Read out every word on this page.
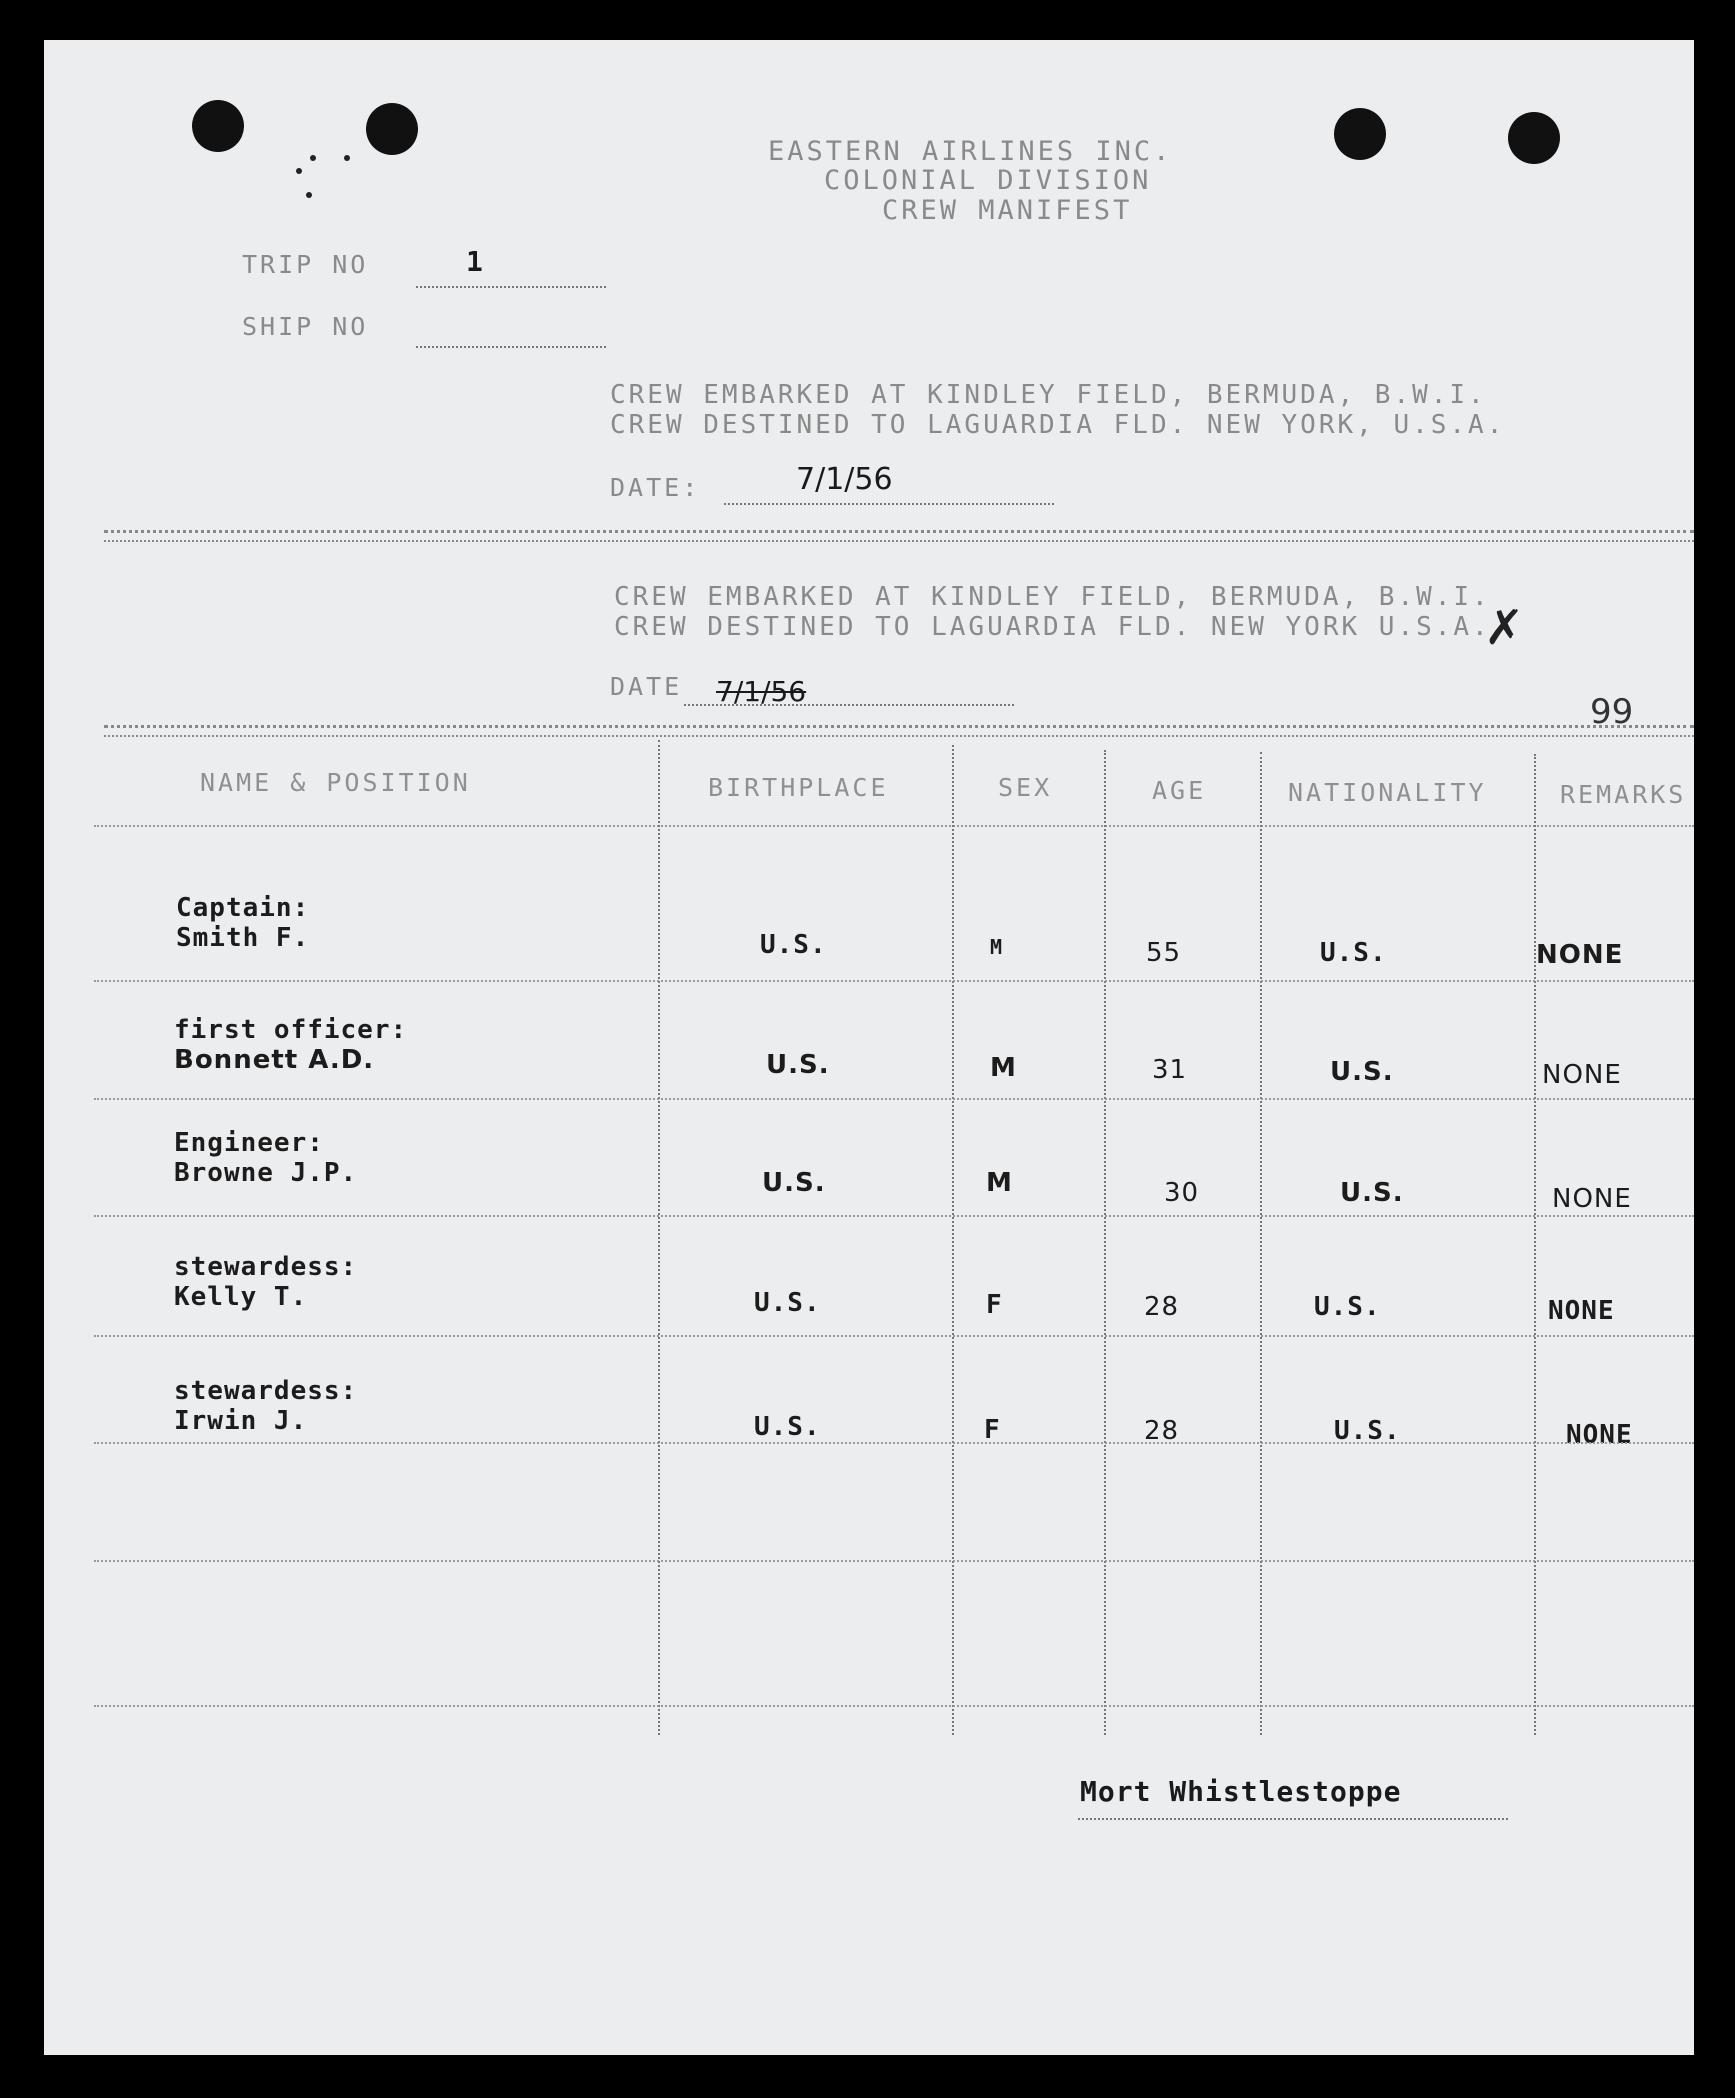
EASTERN AIRLINES INC.
COLONIAL DIVISION
CREW MANIFEST
TRIP NO	1
SHIP NO
CREW EMBARKED AT KINDLEY FIELD, BERMUDA, B.W.I.
CREW DESTINED TO LAGUARDIA FLD. NEW YORK, U.S.A.
DATE:	7/1/56
CREW EMBARKED AT KINDLEY FIELD, BERMUDA, B.W.I.
CREW DESTINED TO LAGUARDIA FLD. NEW YORK U.S.A.
✗
DATE 7/1/56
99
NAME & POSITION	BIRTHPLACE	SEX	AGE	NATIONALITY	REMARKS
Captain:
Smith F.	U.S.	M	55	U.S.	NONE
first officer:
Bonnett A.D.	U.S.	M	31	U.S.	NONE
Engineer:
Browne J.P.	U.S.	M	30	U.S.	NONE
stewardess:
Kelly T.	U.S.	F	28	U.S.	NONE
stewardess:
Irwin J.	U.S.	F	28	U.S.	NONE
Mort Whistlestoppe
